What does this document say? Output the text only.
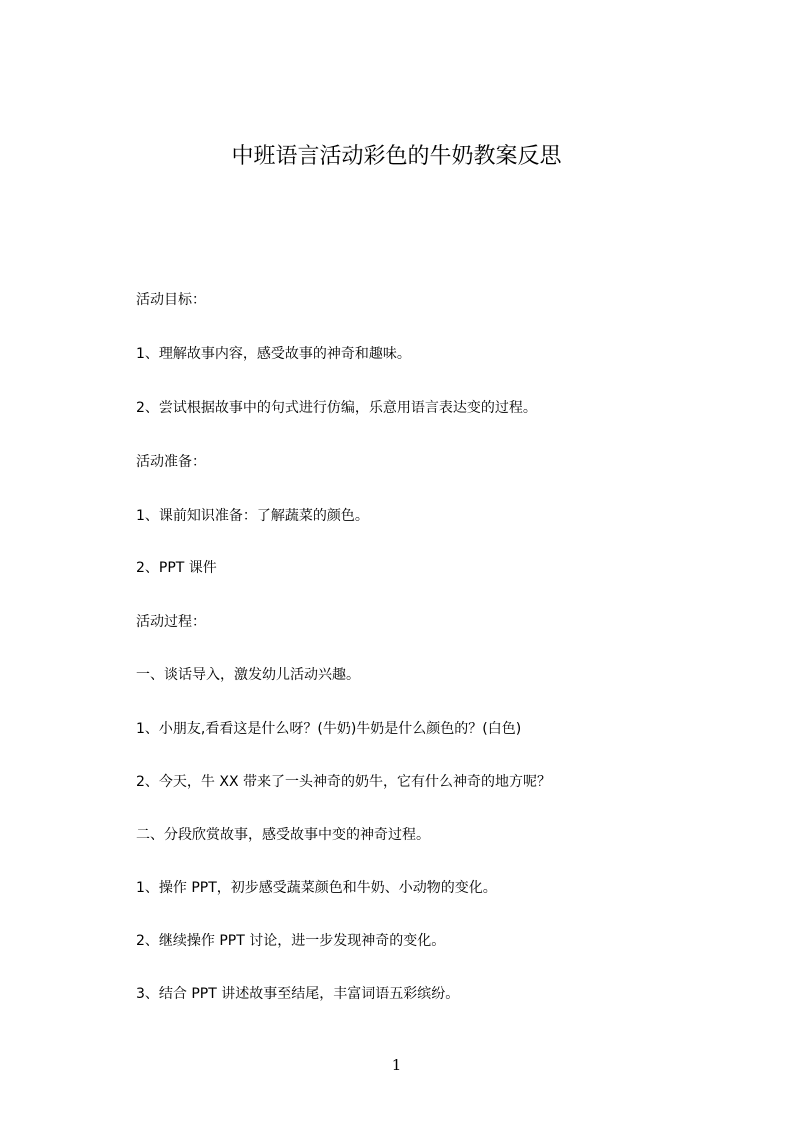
中班语言活动彩色的牛奶教案反思
活动目标：
1、理解故事内容，感受故事的神奇和趣味。
2、尝试根据故事中的句式进行仿编，乐意用语言表达变的过程。
活动准备：
1、课前知识准备：了解蔬菜的颜色。
2、PPT 课件
活动过程：
一、谈话导入，激发幼儿活动兴趣。
1、小朋友,看看这是什么呀？(牛奶)牛奶是什么颜色的？(白色)
2、今天，牛 XX 带来了一头神奇的奶牛，它有什么神奇的地方呢？
二、分段欣赏故事，感受故事中变的神奇过程。
1、操作 PPT，初步感受蔬菜颜色和牛奶、小动物的变化。
2、继续操作 PPT 讨论，进一步发现神奇的变化。
3、结合 PPT 讲述故事至结尾，丰富词语五彩缤纷。
1
